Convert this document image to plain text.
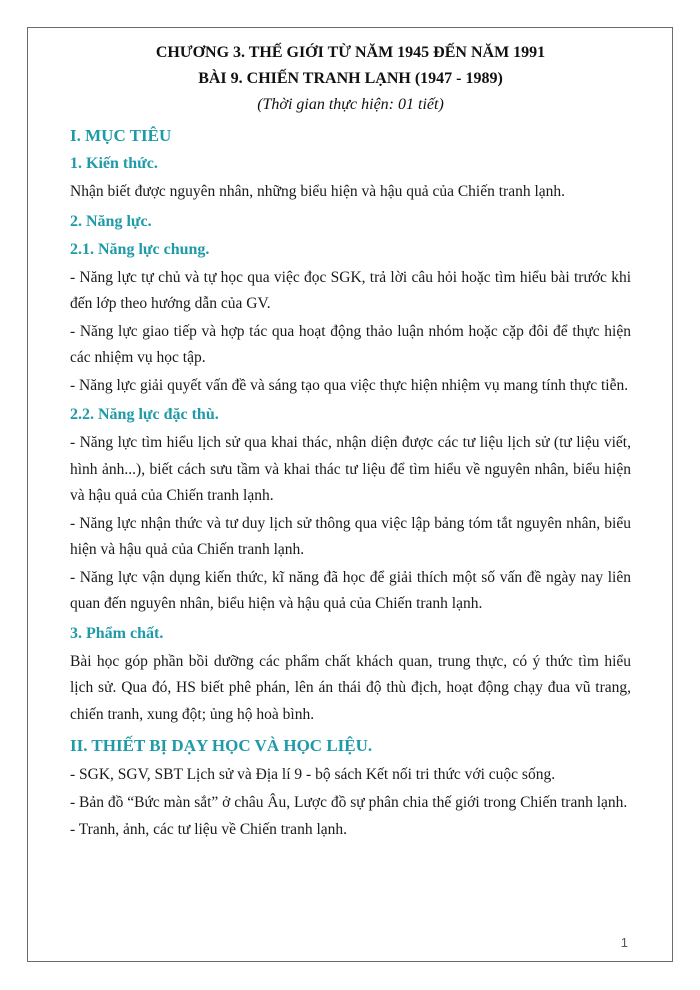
CHƯƠNG 3. THẾ GIỚI TỪ NĂM 1945 ĐẾN NĂM 1991

BÀI 9. CHIẾN TRANH LẠNH (1947 - 1989)

(Thời gian thực hiện: 01 tiết)

I. MỤC TIÊU
1. Kiến thức.

Nhận biết được nguyên nhân, những biểu hiện và hậu quả của Chiến tranh lạnh.

2. Năng lực.
2.1. Năng lực chung.

- Năng lực tự chủ và tự học qua việc đọc SGK, trả lời câu hỏi hoặc tìm hiểu bài trước khi đến lớp theo hướng dẫn của GV.

- Năng lực giao tiếp và hợp tác qua hoạt động thảo luận nhóm hoặc cặp đôi để thực hiện các nhiệm vụ học tập.

- Năng lực giải quyết vấn đề và sáng tạo qua việc thực hiện nhiệm vụ mang tính thực tiễn.

2.2. Năng lực đặc thù.

- Năng lực tìm hiểu lịch sử qua khai thác, nhận diện được các tư liệu lịch sử (tư liệu viết, hình ảnh...), biết cách sưu tầm và khai thác tư liệu để tìm hiểu về nguyên nhân, biểu hiện và hậu quả của Chiến tranh lạnh.

- Năng lực nhận thức và tư duy lịch sử thông qua việc lập bảng tóm tắt nguyên nhân, biểu hiện và hậu quả của Chiến tranh lạnh.

- Năng lực vận dụng kiến thức, kĩ năng đã học để giải thích một số vấn đề ngày nay liên quan đến nguyên nhân, biểu hiện và hậu quả của Chiến tranh lạnh.

3. Phẩm chất.

Bài học góp phần bồi dưỡng các phẩm chất khách quan, trung thực, có ý thức tìm hiểu lịch sử. Qua đó, HS biết phê phán, lên án thái độ thù địch, hoạt động chạy đua vũ trang, chiến tranh, xung đột; ủng hộ hoà bình.

II. THIẾT BỊ DẠY HỌC VÀ HỌC LIỆU.

- SGK, SGV, SBT Lịch sử và Địa lí 9 - bộ sách Kết nối tri thức với cuộc sống.

- Bản đồ “Bức màn sắt” ở châu Âu, Lược đồ sự phân chia thế giới trong Chiến tranh lạnh.

- Tranh, ảnh, các tư liệu về Chiến tranh lạnh.

1
